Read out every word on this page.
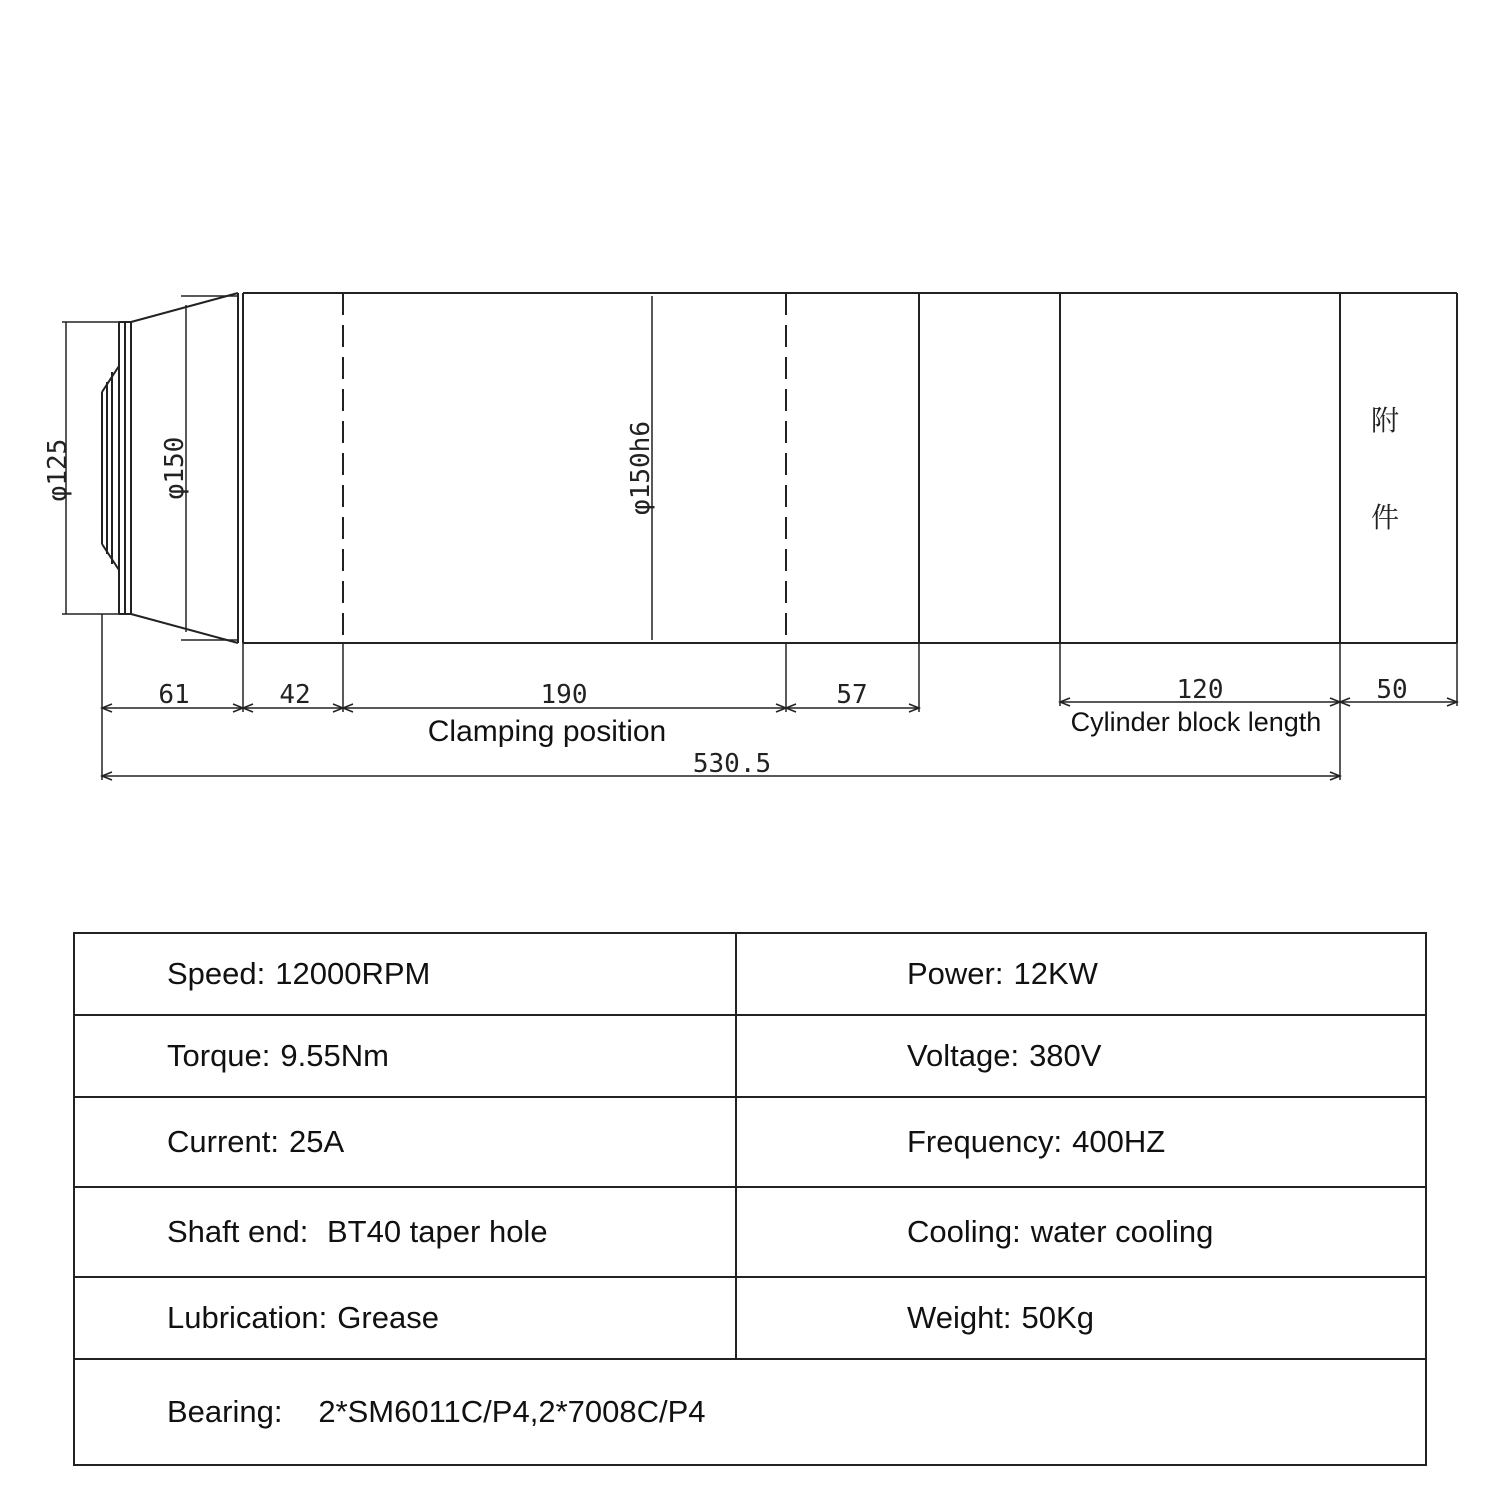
φ125	φ150	φ150h6
附
件
61	42	190	57	120	50
530.5
Clamping position	Cylinder block length
Speed: 12000RPM	Power: 12KW
Torque: 9.55Nm	Voltage: 380V
Current: 25A	Frequency: 400HZ
Shaft end: BT40 taper hole	Cooling: water cooling
Lubrication: Grease	Weight: 50Kg
Bearing: 2*SM6011C/P4,2*7008C/P4	
